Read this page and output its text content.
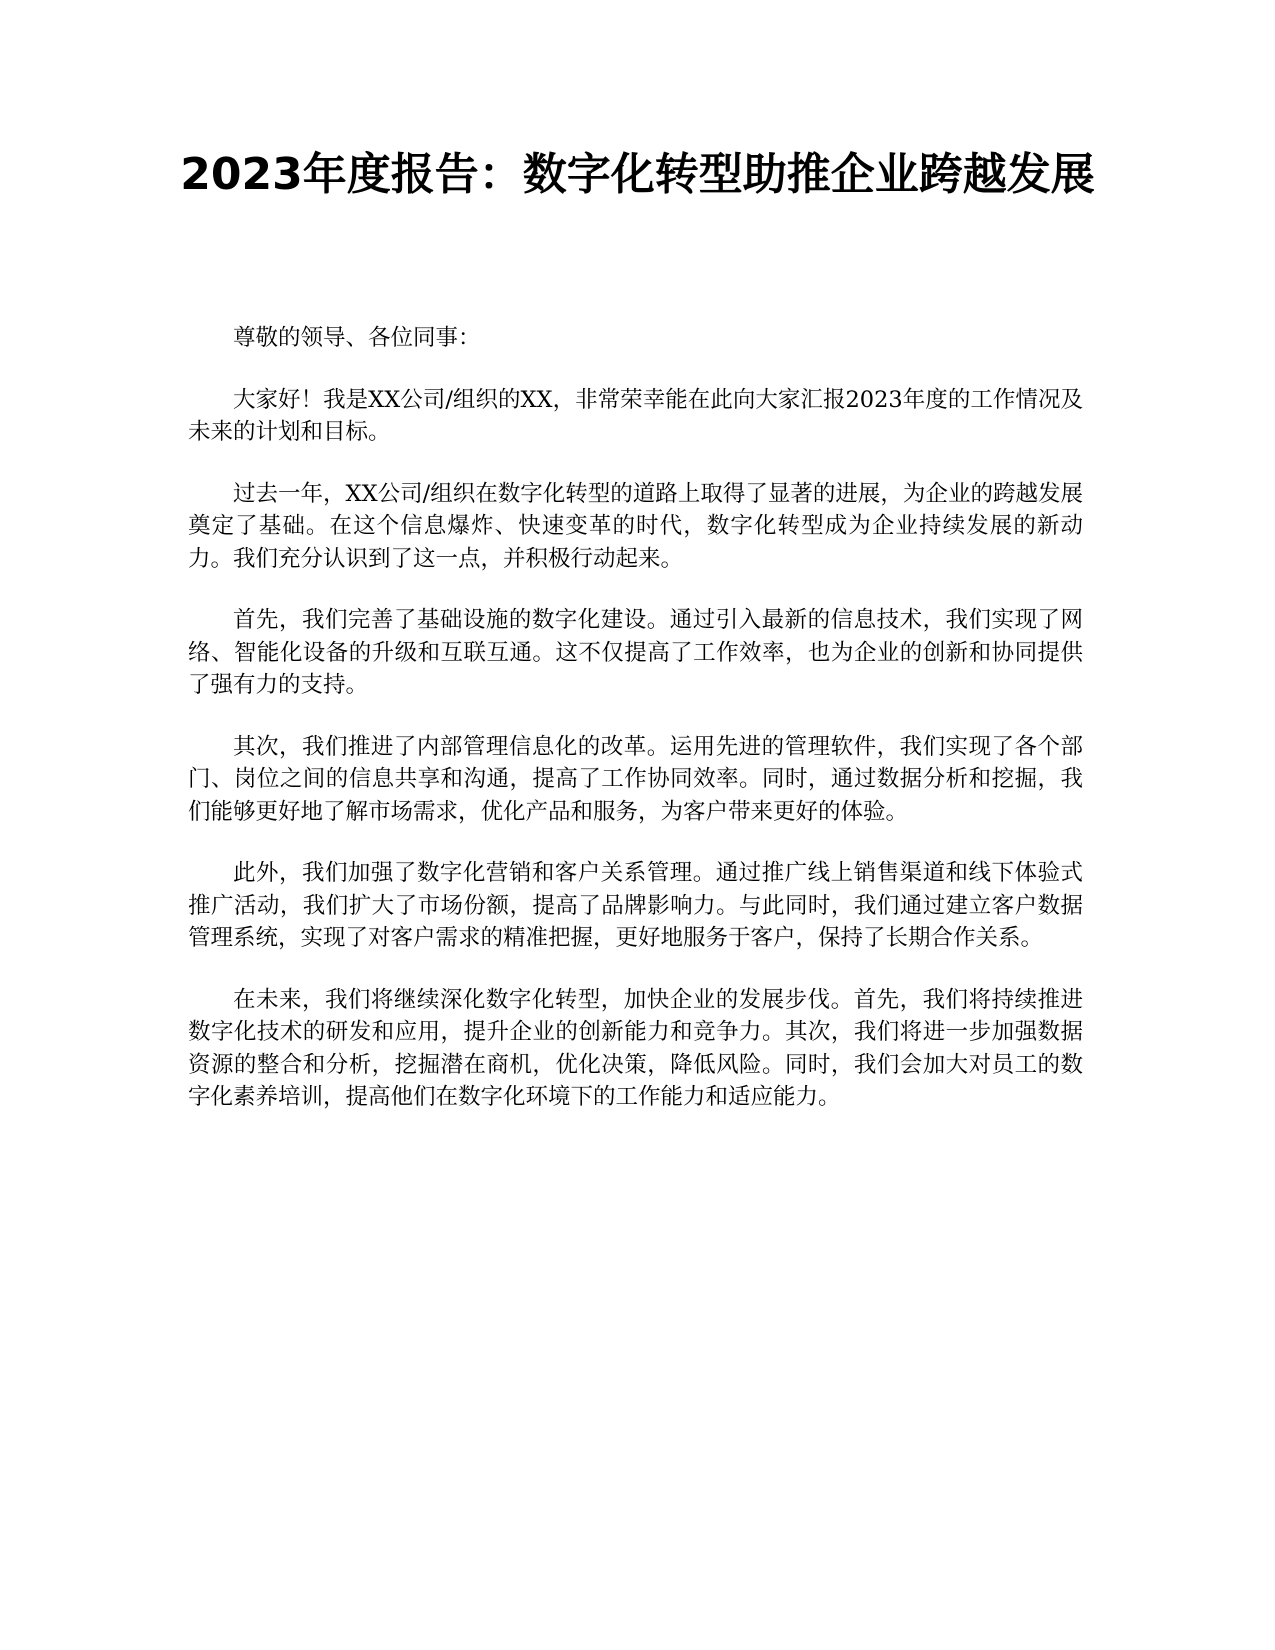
2023年度报告：数字化转型助推企业跨越发展

尊敬的领导、各位同事：

大家好！我是XX公司/组织的XX，非常荣幸能在此向大家汇报2023年度的工作情况及未来的计划和目标。

过去一年，XX公司/组织在数字化转型的道路上取得了显著的进展，为企业的跨越发展奠定了基础。在这个信息爆炸、快速变革的时代，数字化转型成为企业持续发展的新动力。我们充分认识到了这一点，并积极行动起来。

首先，我们完善了基础设施的数字化建设。通过引入最新的信息技术，我们实现了网络、智能化设备的升级和互联互通。这不仅提高了工作效率，也为企业的创新和协同提供了强有力的支持。

其次，我们推进了内部管理信息化的改革。运用先进的管理软件，我们实现了各个部门、岗位之间的信息共享和沟通，提高了工作协同效率。同时，通过数据分析和挖掘，我们能够更好地了解市场需求，优化产品和服务，为客户带来更好的体验。

此外，我们加强了数字化营销和客户关系管理。通过推广线上销售渠道和线下体验式推广活动，我们扩大了市场份额，提高了品牌影响力。与此同时，我们通过建立客户数据管理系统，实现了对客户需求的精准把握，更好地服务于客户，保持了长期合作关系。

在未来，我们将继续深化数字化转型，加快企业的发展步伐。首先，我们将持续推进数字化技术的研发和应用，提升企业的创新能力和竞争力。其次，我们将进一步加强数据资源的整合和分析，挖掘潜在商机，优化决策，降低风险。同时，我们会加大对员工的数字化素养培训，提高他们在数字化环境下的工作能力和适应能力。
